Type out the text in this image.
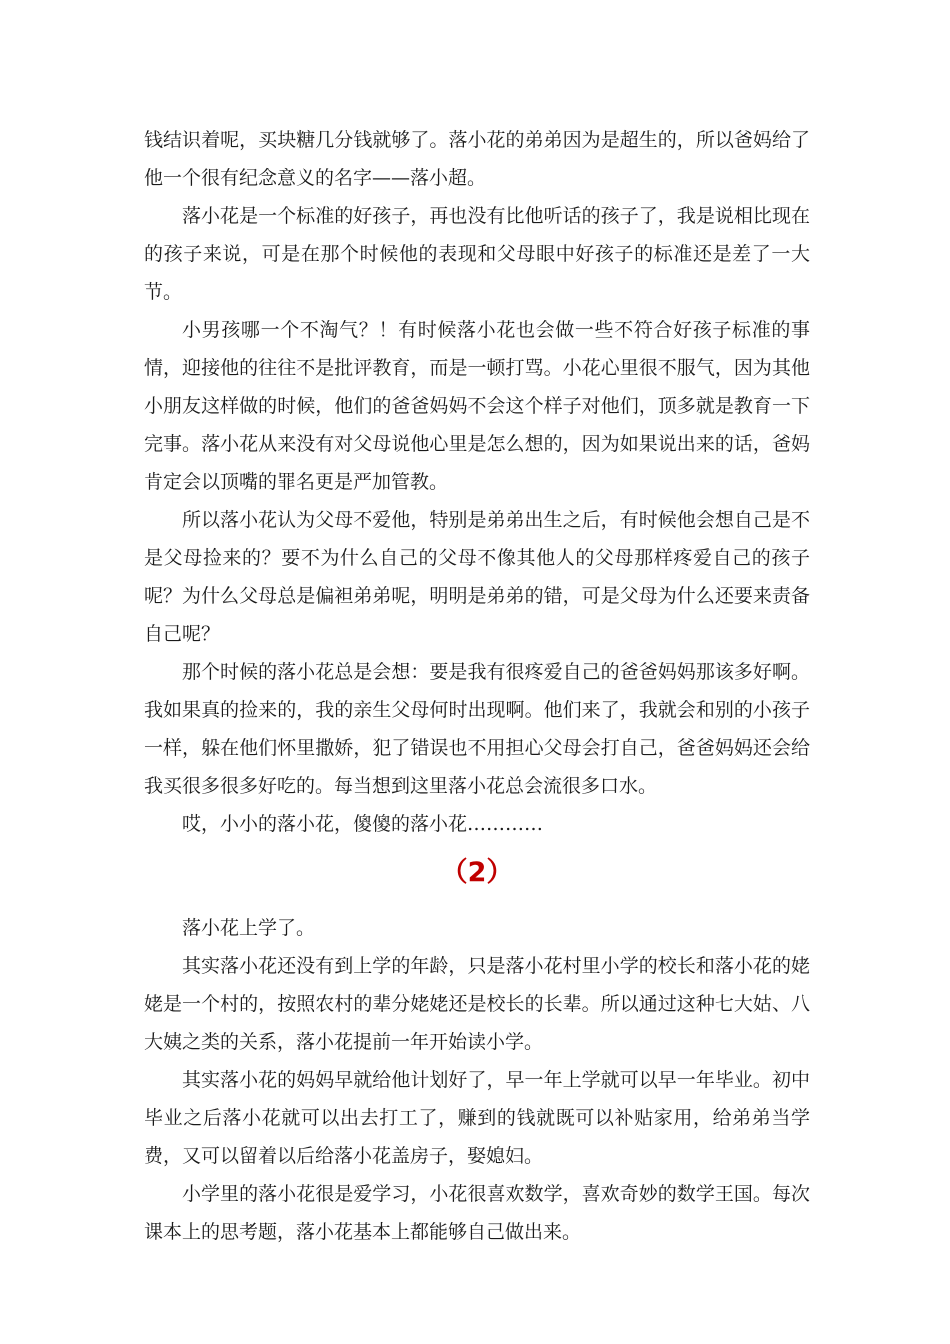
钱结识着呢，买块糖几分钱就够了。落小花的弟弟因为是超生的，所以爸妈给了他一个很有纪念意义的名字——落小超。

落小花是一个标准的好孩子，再也没有比他听话的孩子了，我是说相比现在的孩子来说，可是在那个时候他的表现和父母眼中好孩子的标准还是差了一大节。

小男孩哪一个不淘气？！有时候落小花也会做一些不符合好孩子标准的事情，迎接他的往往不是批评教育，而是一顿打骂。小花心里很不服气，因为其他小朋友这样做的时候，他们的爸爸妈妈不会这个样子对他们，顶多就是教育一下完事。落小花从来没有对父母说他心里是怎么想的，因为如果说出来的话，爸妈肯定会以顶嘴的罪名更是严加管教。

所以落小花认为父母不爱他，特别是弟弟出生之后，有时候他会想自己是不是父母捡来的？要不为什么自己的父母不像其他人的父母那样疼爱自己的孩子呢？为什么父母总是偏袒弟弟呢，明明是弟弟的错，可是父母为什么还要来责备自己呢？

那个时候的落小花总是会想：要是我有很疼爱自己的爸爸妈妈那该多好啊。我如果真的捡来的，我的亲生父母何时出现啊。他们来了，我就会和别的小孩子一样，躲在他们怀里撒娇，犯了错误也不用担心父母会打自己，爸爸妈妈还会给我买很多很多好吃的。每当想到这里落小花总会流很多口水。

哎，小小的落小花，傻傻的落小花…………

（2）

落小花上学了。

其实落小花还没有到上学的年龄，只是落小花村里小学的校长和落小花的姥姥是一个村的，按照农村的辈分姥姥还是校长的长辈。所以通过这种七大姑、八大姨之类的关系，落小花提前一年开始读小学。

其实落小花的妈妈早就给他计划好了，早一年上学就可以早一年毕业。初中毕业之后落小花就可以出去打工了，赚到的钱就既可以补贴家用，给弟弟当学费，又可以留着以后给落小花盖房子，娶媳妇。

小学里的落小花很是爱学习，小花很喜欢数学，喜欢奇妙的数学王国。每次课本上的思考题，落小花基本上都能够自己做出来。
